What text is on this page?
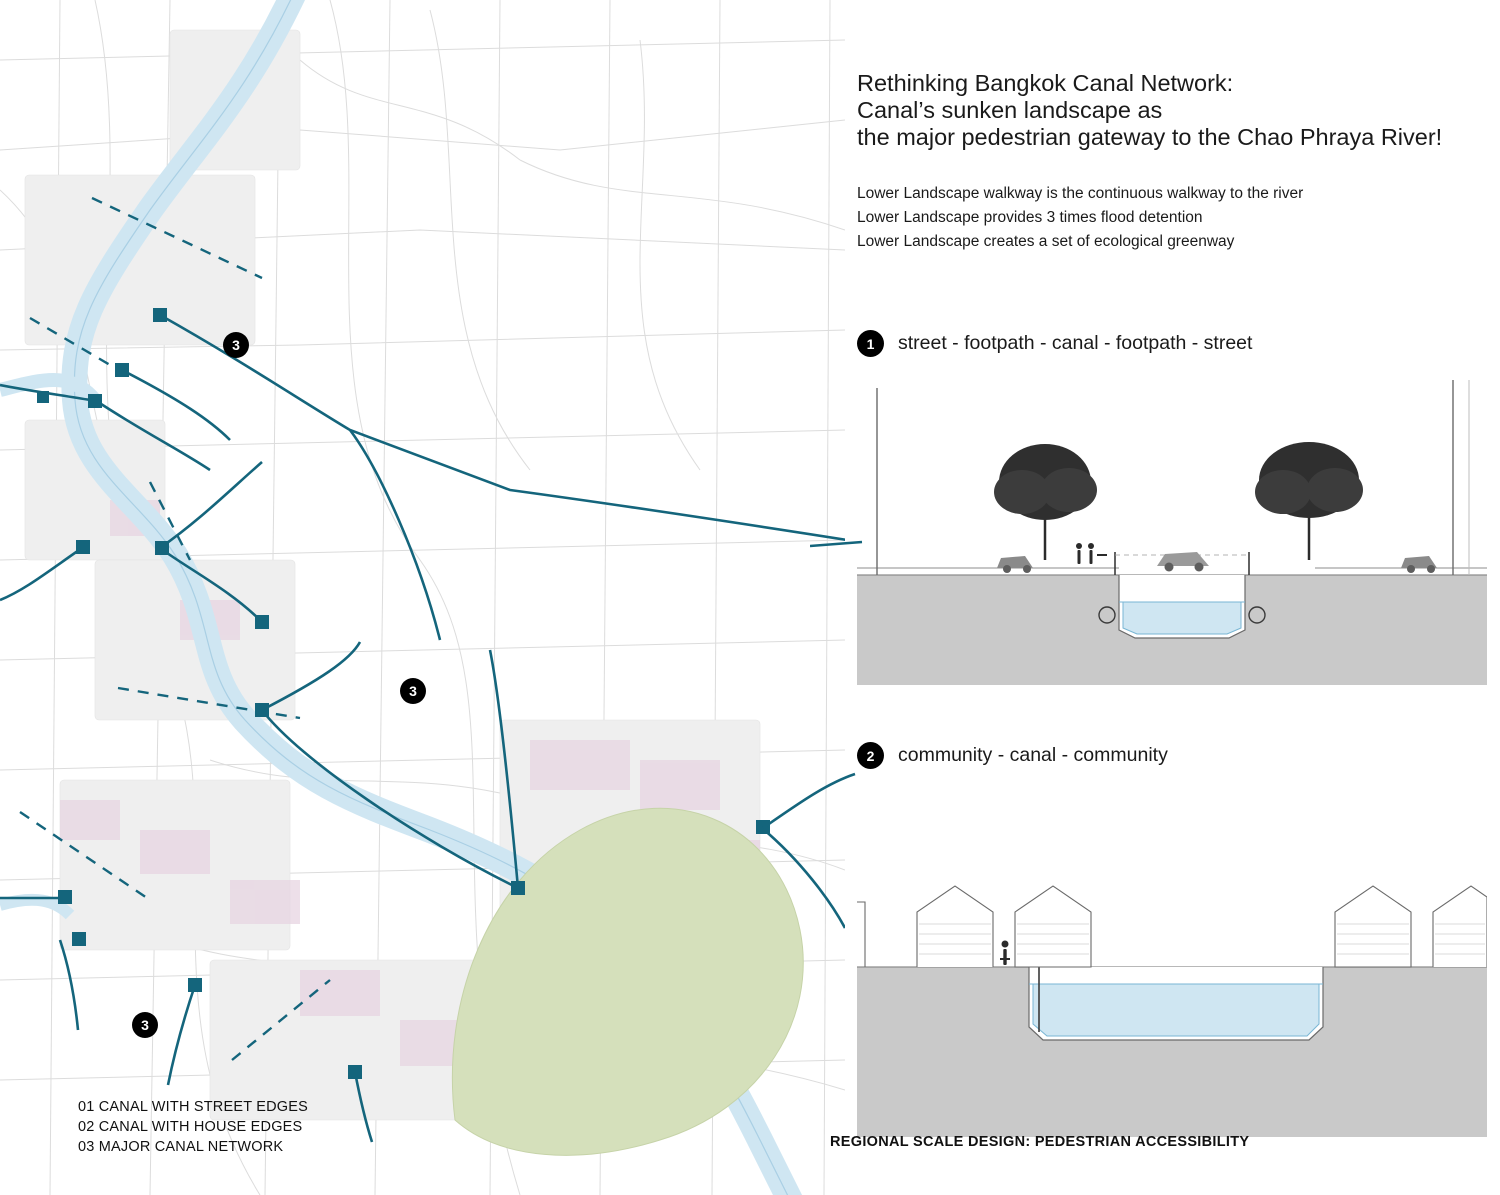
3
3
3
01 CANAL WITH STREET EDGES
02 CANAL WITH HOUSE EDGES
03 MAJOR CANAL NETWORK
Rethinking Bangkok Canal Network:
Canal’s sunken landscape as
the major pedestrian gateway to the Chao Phraya River!
Lower Landscape walkway is the continuous walkway to the river
Lower Landscape provides 3 times flood detention
Lower Landscape creates a set of ecological greenway
1	street - footpath - canal - footpath - street
2	community - canal - community
REGIONAL SCALE DESIGN: PEDESTRIAN ACCESSIBILITY
